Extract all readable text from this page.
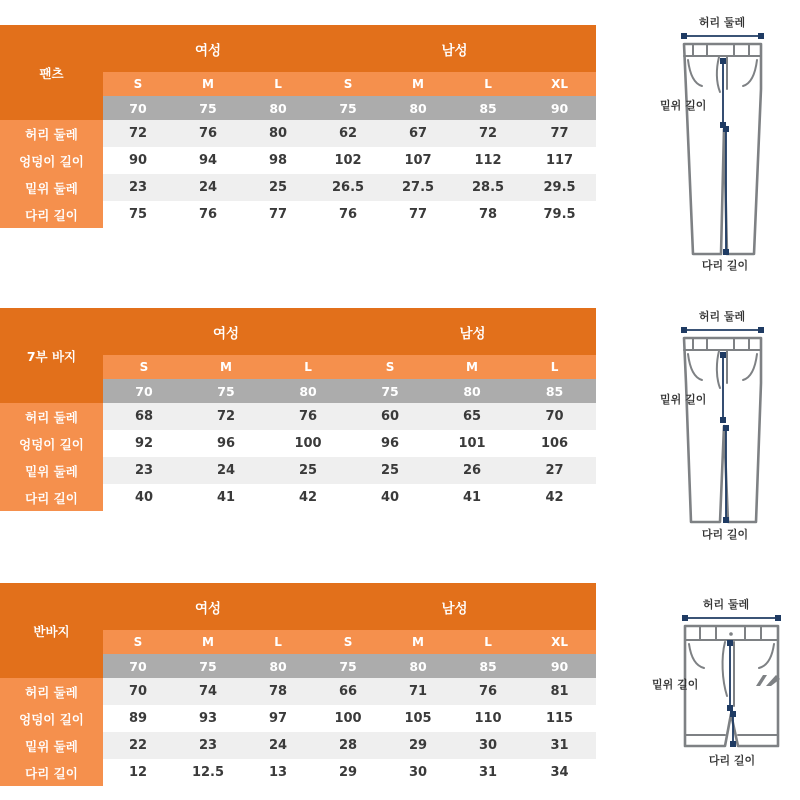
팬츠	여성			남성			
	S	M	L	S	M	L	XL
	70	75	80	75	80	85	90
허리 둘레	72	76	80	62	67	72	77
엉덩이 길이	90	94	98	102	107	112	117
밑위 둘레	23	24	25	26.5	27.5	28.5	29.5
다리 길이	75	76	77	76	77	78	79.5
7부 바지	여성			남성		
	S	M	L	S	M	L
	70	75	80	75	80	85
허리 둘레	68	72	76	60	65	70
엉덩이 길이	92	96	100	96	101	106
밑위 둘레	23	24	25	25	26	27
다리 길이	40	41	42	40	41	42
반바지	여성			남성			
	S	M	L	S	M	L	XL
	70	75	80	75	80	85	90
허리 둘레	70	74	78	66	71	76	81
엉덩이 길이	89	93	97	100	105	110	115
밑위 둘레	22	23	24	28	29	30	31
다리 길이	12	12.5	13	29	30	31	34
허리 둘레
밑위 길이
다리 길이
허리 둘레
밑위 길이
다리 길이
허리 둘레
밑위 길이
다리 길이
